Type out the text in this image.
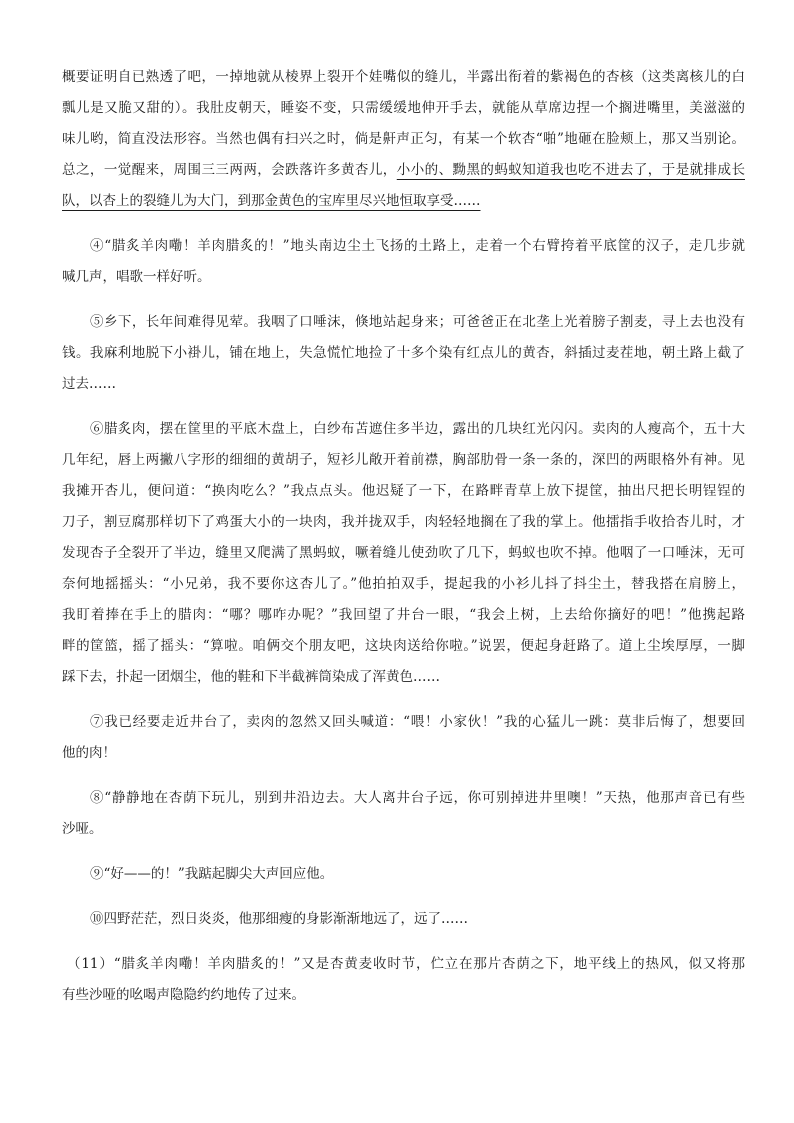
概要证明自已熟透了吧，一掉地就从棱界上裂开个娃嘴似的缝儿，半露出衔着的紫褐色的杏核（这类离核儿的白
瓢儿是又脆又甜的）。我肚皮朝天，睡姿不变，只需缓缓地伸开手去，就能从草席边捏一个搁进嘴里，美滋滋的
味儿哟，简直没法形容。当然也偶有扫兴之时，倘是鼾声正匀，有某一个软杏“啪”地砸在脸颊上，那又当别论。
总之，一觉醒来，周围三三两两，会跌落许多黄杏儿，小小的、黝黑的蚂蚁知道我也吃不进去了，于是就排成长
队，以杏上的裂缝儿为大门，到那金黄色的宝库里尽兴地恒取享受……
④“腊炙羊肉嘞！羊肉腊炙的！”地头南边尘土飞扬的土路上，走着一个右臂挎着平底筐的汉子，走几步就
喊几声，唱歌一样好听。
⑤乡下，长年间难得见荤。我咽了口唾沫，倏地站起身来；可爸爸正在北垄上光着膀子割麦，寻上去也没有
钱。我麻利地脱下小褂儿，铺在地上，失急慌忙地捡了十多个染有红点儿的黄杏，斜插过麦茬地，朝土路上截了
过去……
⑥腊炙肉，摆在筐里的平底木盘上，白纱布苫遮住多半边，露出的几块红光闪闪。卖肉的人瘦高个，五十大
几年纪，唇上两撇八字形的细细的黄胡子，短衫儿敞开着前襟，胸部肋骨一条一条的，深凹的两眼格外有神。见
我摊开杏儿，便问道：“换肉吃么？”我点点头。他迟疑了一下，在路畔青草上放下提筐，抽出尺把长明锃锃的
刀子，割豆腐那样切下了鸡蛋大小的一块肉，我并拢双手，肉轻轻地搁在了我的掌上。他擂指手收拾杏儿时，才
发现杏子全裂开了半边，缝里又爬满了黑蚂蚁，噘着缝儿使劲吹了几下，蚂蚁也吹不掉。他咽了一口唾沫，无可
奈何地摇摇头：“小兄弟，我不要你这杏儿了。”他拍拍双手，提起我的小衫儿抖了抖尘土，替我搭在肩膀上，
我盯着捧在手上的腊肉：“哪？哪咋办呢？”我回望了井台一眼，“我会上树，上去给你摘好的吧！”他携起路
畔的筐篮，摇了摇头：“算啦。咱俩交个朋友吧，这块肉送给你啦。”说罢，便起身赶路了。道上尘埃厚厚，一脚
踩下去，扑起一团烟尘，他的鞋和下半截裤筒染成了浑黄色……
⑦我已经要走近井台了，卖肉的忽然又回头喊道：“喂！小家伙！”我的心猛儿一跳：莫非后悔了，想要回
他的肉！
⑧“静静地在杏荫下玩儿，别到井沿边去。大人离井台子远，你可别掉进井里噢！”天热，他那声音已有些
沙哑。
⑨“好——的！”我踮起脚尖大声回应他。
⑩四野茫茫，烈日炎炎，他那细瘦的身影渐渐地远了，远了……
（11）“腊炙羊肉嘞！羊肉腊炙的！”又是杏黄麦收时节，伫立在那片杏荫之下，地平线上的热风，似又将那
有些沙哑的吆喝声隐隐约约地传了过来。
